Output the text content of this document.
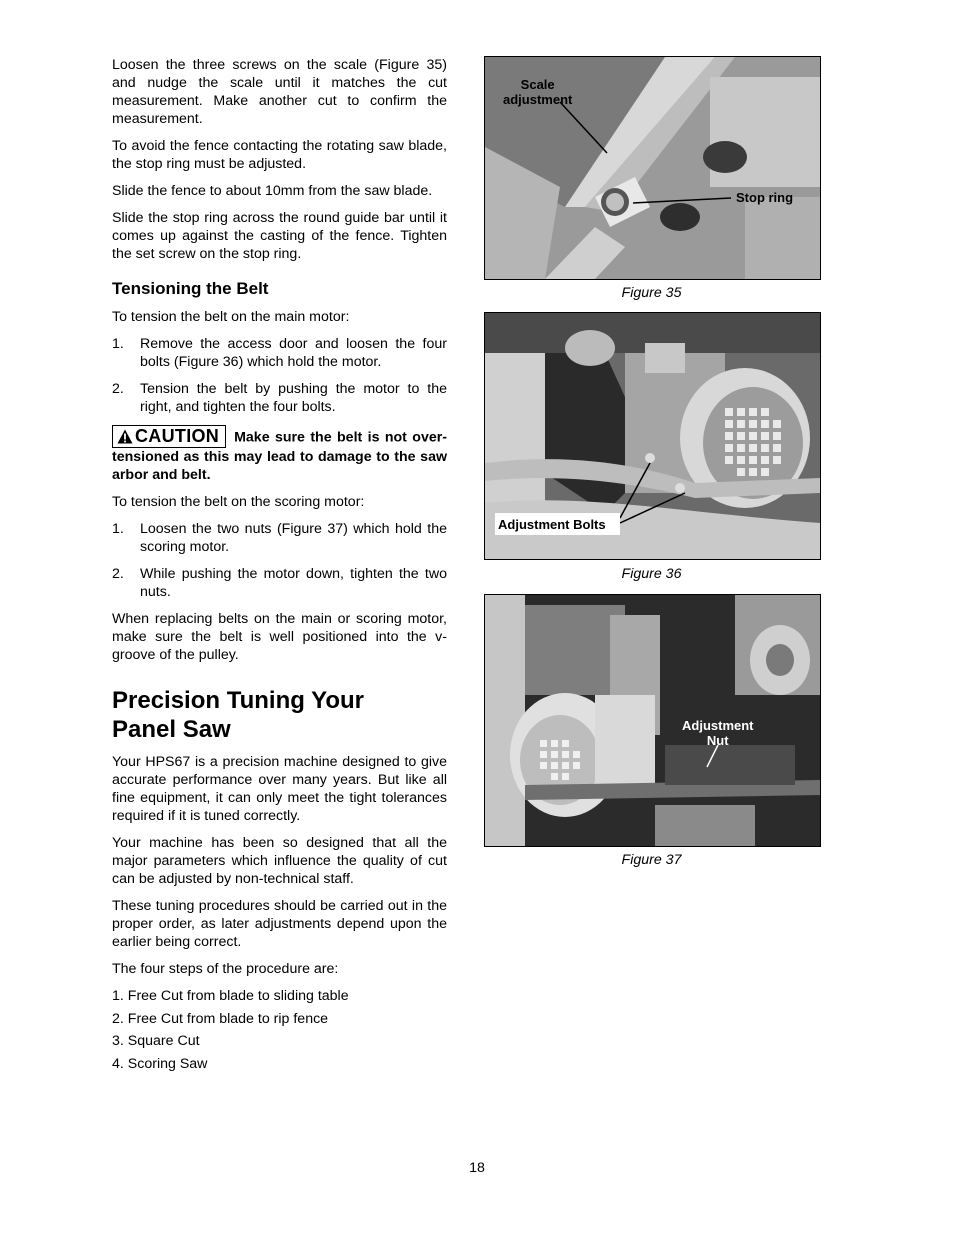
Loosen the three screws on the scale (Figure 35) and nudge the scale until it matches the cut measurement. Make another cut to confirm the measurement.

To avoid the fence contacting the rotating saw blade, the stop ring must be adjusted.

Slide the fence to about 10mm from the saw blade.

Slide the stop ring across the round guide bar until it comes up against the casting of the fence. Tighten the set screw on the stop ring.

Tensioning the Belt

To tension the belt on the main motor:

1.	Remove the access door and loosen the four bolts (Figure 36) which hold the motor.
2.	Tension the belt by pushing the motor to the right, and tighten the four bolts.
CAUTION Make sure the belt is not over-tensioned as this may lead to damage to the saw arbor and belt.

To tension the belt on the scoring motor:

1.	Loosen the two nuts (Figure 37) which hold the scoring motor.
2.	While pushing the motor down, tighten the two nuts.

When replacing belts on the main or scoring motor, make sure the belt is well positioned into the v-groove of the pulley.

Precision Tuning Your
Panel Saw

Your HPS67 is a precision machine designed to give accurate performance over many years. But like all fine equipment, it can only meet the tight tolerances required if it is tuned correctly.

Your machine has been so designed that all the major parameters which influence the quality of cut can be adjusted by non-technical staff.

These tuning procedures should be carried out in the proper order, as later adjustments depend upon the earlier being correct.

The four steps of the procedure are:

1. Free Cut from blade to sliding table
2. Free Cut from blade to rip fence
3. Square Cut
4. Scoring Saw
Scale
adjustment
Stop ring
Figure 35
Adjustment Bolts
Figure 36
Adjustment
Nut
Figure 37
18
